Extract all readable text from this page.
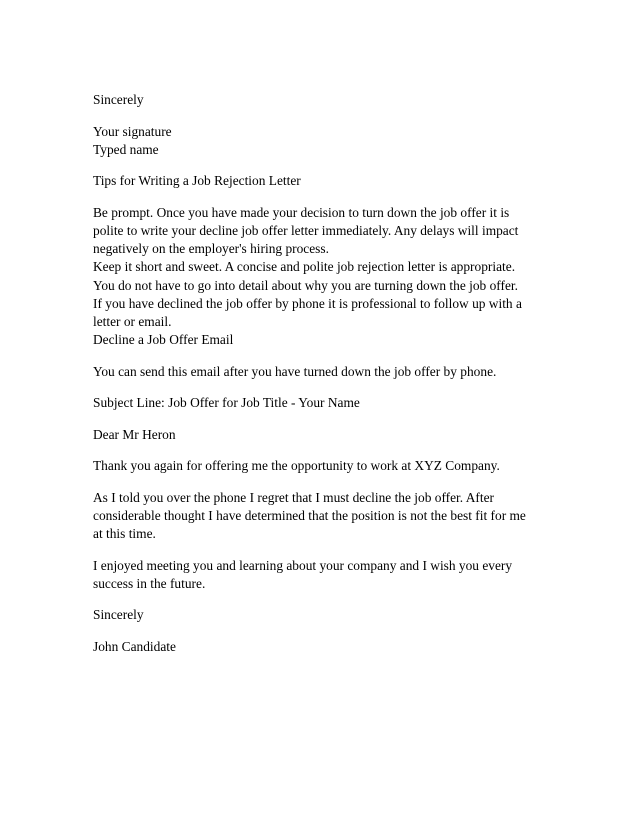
Sincerely

Your signature
Typed name

Tips for Writing a Job Rejection Letter

Be prompt. Once you have made your decision to turn down the job offer it is
polite to write your decline job offer letter immediately. Any delays will impact
negatively on the employer's hiring process.
Keep it short and sweet. A concise and polite job rejection letter is appropriate.
You do not have to go into detail about why you are turning down the job offer.
If you have declined the job offer by phone it is professional to follow up with a
letter or email.
Decline a Job Offer Email

You can send this email after you have turned down the job offer by phone.

Subject Line: Job Offer for Job Title - Your Name

Dear Mr Heron

Thank you again for offering me the opportunity to work at XYZ Company.

As I told you over the phone I regret that I must decline the job offer. After
considerable thought I have determined that the position is not the best fit for me
at this time.

I enjoyed meeting you and learning about your company and I wish you every
success in the future.

Sincerely

John Candidate
